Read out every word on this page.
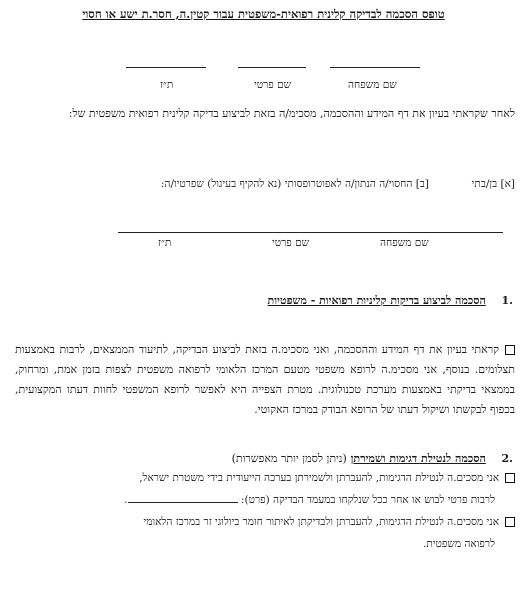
טופס הסכמה לבדיקה קלינית רפואית-משפטית עבור קטין.ה, חסר.ת ישע או חסוי
שם משפחה
שם פרטי
ת״ז
לאחר שקראתי בעיון את דף המידע וההסכמה, מסכימ/ה בזאת לביצוע בדיקה קלינית רפואית משפטית של:
[א] בן/בתי  [ב] החסוי/ה הנתון/ה לאפוטרופסותי (נא להקיף בעיגול) שפרטיו/ה:
שם משפחה
שם פרטי
ת״ז
.1  הסכמה לביצוע בדיקות קליניות רפואיות - משפטיות
קראתי בעיון את דף המידע וההסכמה, ואני מסכימ.ה בזאת לביצוע הבדיקה, לתיעוד הממצאים, לרבות באמצעות תצלומים. בנוסף, אני מסכימ.ה לרופא משפטי מטעם המרכז הלאומי לרפואה משפטית לצפות בזמן אמת, ומרחוק, בממצאי בדיקתי באמצעות מערכת טכנולוגית. מטרת הצפייה היא לאפשר לרופא המשפטי לחוות דעתו המקצועית, בכפוף לבקשתו ושיקול דעתו של הרופא הבודק במרכז האקוטי.
.2  הסכמה לנטילת דגימות ושמירתן (ניתן לסמן יותר מאפשרות)
אני מסכים.ה לנטילת הדגימות, להעברתן ולשמירתן בערכה הייעודית בידי משטרת ישראל,
לרבות פרטי לבוש או אחר ככל שנלקחו במעמד הבדיקה (פרט): .
אני מסכים.ה לנטילת הדגימות, להעברתן ולבדיקתן לאיתור חומר ביולוגי זר במרכז הלאומי
לרפואה משפטית.
